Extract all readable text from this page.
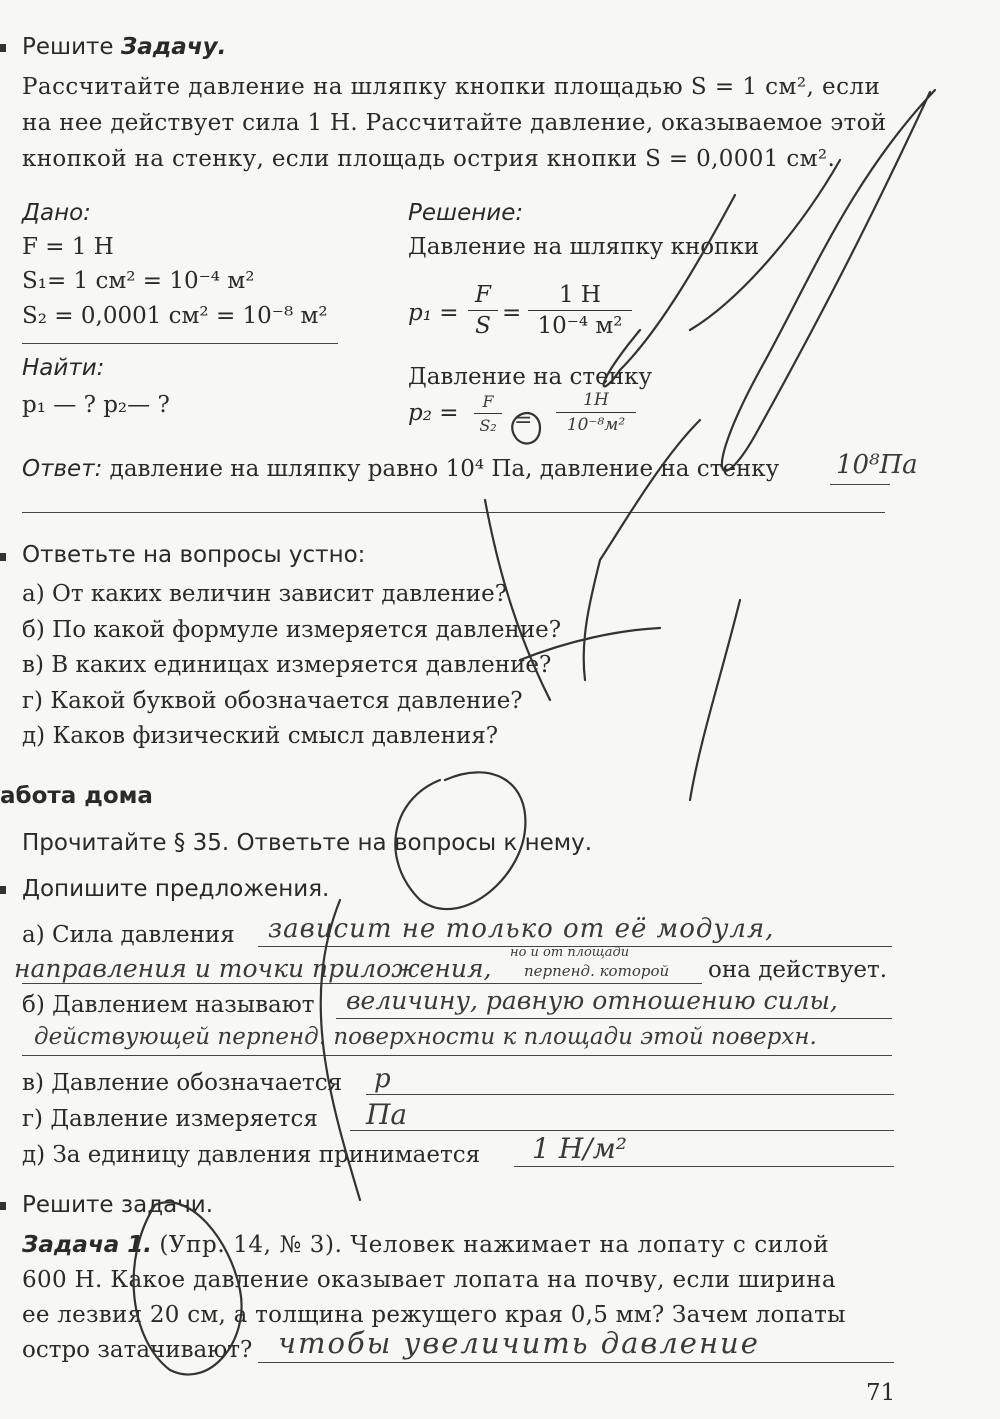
Решите Задачу.
Рассчитайте давление на шляпку кнопки площадью S = 1 см², если
на нее действует сила 1 Н. Рассчитайте давление, оказываемое этой
кнопкой на стенку, если площадь острия кнопки S = 0,0001 см².
Дано:
F = 1 Н
S₁= 1 см² = 10⁻⁴ м²
S₂ = 0,0001 см² = 10⁻⁸ м²
Найти:
p₁ — ? p₂— ?
Решение:
Давление на шляпку кнопки
p₁ =
F
S =
1 Н
10⁻⁴ м²
Давление на стенку
p₂ =	F
S₂ =
1Н
10⁻⁸м²
Ответ: давление на шляпку равно 10⁴ Па, давление на стенку 10⁸Па
Ответьте на вопросы устно:
а) От каких величин зависит давление?
б) По какой формуле измеряется давление?
в) В каких единицах измеряется давление?
г) Какой буквой обозначается давление?
д) Каков физический смысл давления?
абота дома
Прочитайте § 35. Ответьте на вопросы к нему.
Допишите предложения.
а) Сила давления зависит не только от её модуля,
но и от площади
направления и точки приложения, перпенд. которой она действует.
б) Давлением называют величину, равную отношению силы,
действующей перпенд. поверхности к площади этой поверхн.
в) Давление обозначается p
г) Давление измеряется Па
д) За единицу давления принимается 1 Н/м²
Решите задачи.
Задача 1. (Упр. 14, № 3). Человек нажимает на лопату с силой
600 Н. Какое давление оказывает лопата на почву, если ширина
ее лезвия 20 см, а толщина режущего края 0,5 мм? Зачем лопаты
остро затачивают? чтобы увеличить давление
71
